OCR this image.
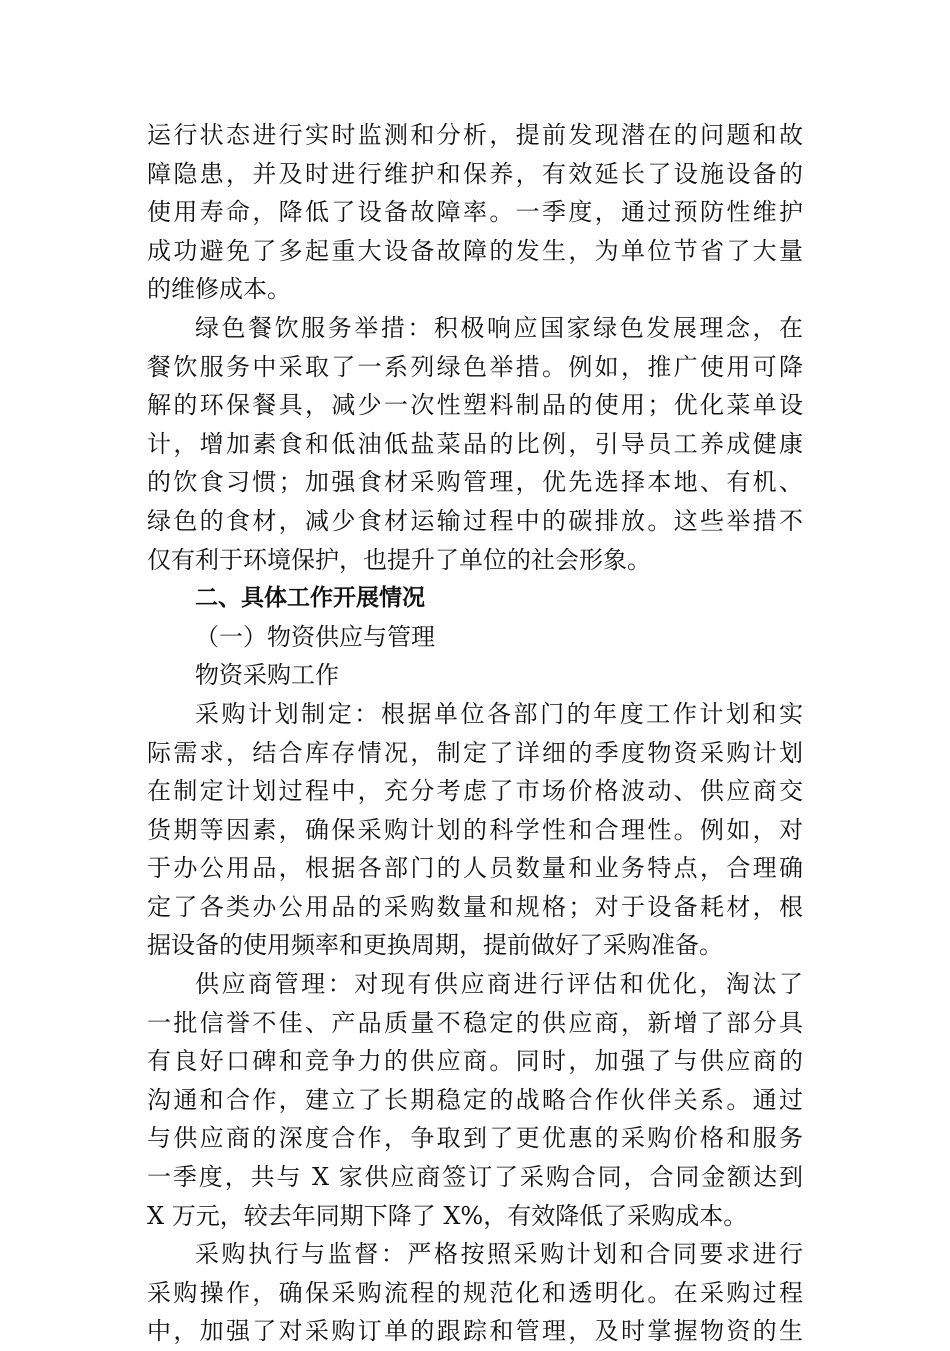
运行状态进行实时监测和分析，提前发现潜在的问题和故
障隐患，并及时进行维护和保养，有效延长了设施设备的
使用寿命，降低了设备故障率。一季度，通过预防性维护
成功避免了多起重大设备故障的发生，为单位节省了大量
的维修成本。
绿色餐饮服务举措：积极响应国家绿色发展理念，在
餐饮服务中采取了一系列绿色举措。例如，推广使用可降
解的环保餐具，减少一次性塑料制品的使用；优化菜单设
计，增加素食和低油低盐菜品的比例，引导员工养成健康
的饮食习惯；加强食材采购管理，优先选择本地、有机、
绿色的食材，减少食材运输过程中的碳排放。这些举措不
仅有利于环境保护，也提升了单位的社会形象。
二、具体工作开展情况
（一）物资供应与管理
物资采购工作
采购计划制定：根据单位各部门的年度工作计划和实
际需求，结合库存情况，制定了详细的季度物资采购计划
在制定计划过程中，充分考虑了市场价格波动、供应商交
货期等因素，确保采购计划的科学性和合理性。例如，对
于办公用品，根据各部门的人员数量和业务特点，合理确
定了各类办公用品的采购数量和规格；对于设备耗材，根
据设备的使用频率和更换周期，提前做好了采购准备。
供应商管理：对现有供应商进行评估和优化，淘汰了
一批信誉不佳、产品质量不稳定的供应商，新增了部分具
有良好口碑和竞争力的供应商。同时，加强了与供应商的
沟通和合作，建立了长期稳定的战略合作伙伴关系。通过
与供应商的深度合作，争取到了更优惠的采购价格和服务
一季度，共与 X 家供应商签订了采购合同，合同金额达到
X 万元，较去年同期下降了 X%，有效降低了采购成本。
采购执行与监督：严格按照采购计划和合同要求进行
采购操作，确保采购流程的规范化和透明化。在采购过程
中，加强了对采购订单的跟踪和管理，及时掌握物资的生
